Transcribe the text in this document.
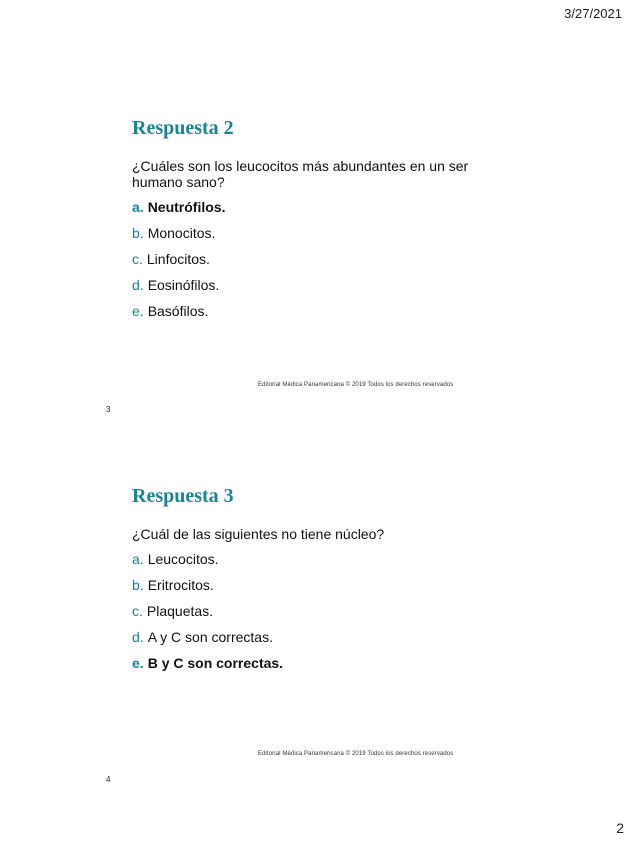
3/27/2021
Respuesta 2

¿Cuáles son los leucocitos más abundantes en un ser
humano sano?

a. Neutrófilos.
b. Monocitos.
c. Linfocitos.
d. Eosinófilos.
e. Basófilos.
Editorial Médica Panamericana © 2019 Todos los derechos reservados
3
Respuesta 3

¿Cuál de las siguientes no tiene núcleo?

a. Leucocitos.
b. Eritrocitos.
c. Plaquetas.
d. A y C son correctas.
e. B y C son correctas.
Editorial Médica Panamericana © 2019 Todos los derechos reservados
4
2
